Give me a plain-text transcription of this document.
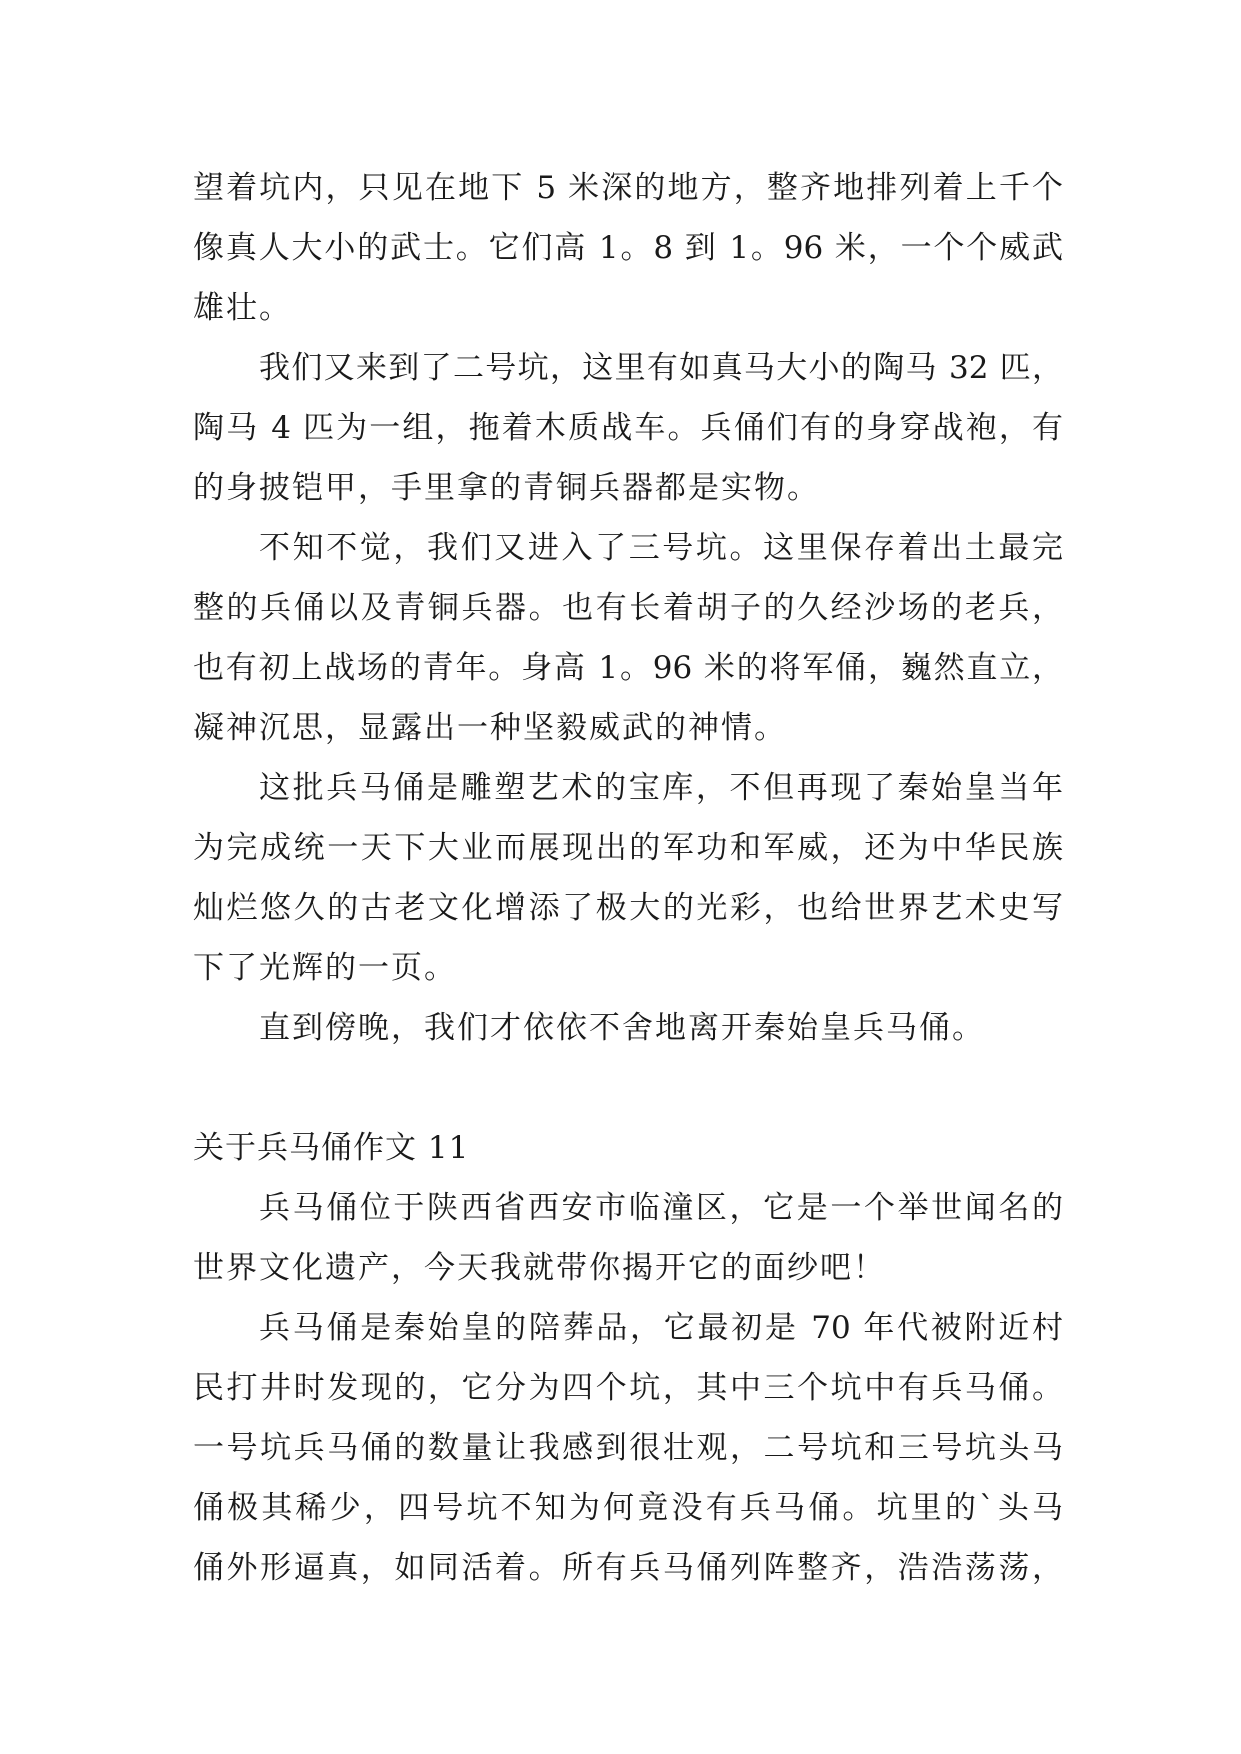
望着坑内，只见在地下 5 米深的地方，整齐地排列着上千个
像真人大小的武士。它们高 1。8 到 1。96 米，一个个威武
雄壮。
我们又来到了二号坑，这里有如真马大小的陶马 32 匹，
陶马 4 匹为一组，拖着木质战车。兵俑们有的身穿战袍，有
的身披铠甲，手里拿的青铜兵器都是实物。
不知不觉，我们又进入了三号坑。这里保存着出土最完
整的兵俑以及青铜兵器。也有长着胡子的久经沙场的老兵，
也有初上战场的青年。身高 1。96 米的将军俑，巍然直立，
凝神沉思，显露出一种坚毅威武的神情。
这批兵马俑是雕塑艺术的宝库，不但再现了秦始皇当年
为完成统一天下大业而展现出的军功和军威，还为中华民族
灿烂悠久的古老文化增添了极大的光彩，也给世界艺术史写
下了光辉的一页。
直到傍晚，我们才依依不舍地离开秦始皇兵马俑。
关于兵马俑作文 11
兵马俑位于陕西省西安市临潼区，它是一个举世闻名的
世界文化遗产，今天我就带你揭开它的面纱吧！
兵马俑是秦始皇的陪葬品，它最初是 70 年代被附近村
民打井时发现的，它分为四个坑，其中三个坑中有兵马俑。
一号坑兵马俑的数量让我感到很壮观，二号坑和三号坑头马
俑极其稀少，四号坑不知为何竟没有兵马俑。坑里的`头马
俑外形逼真，如同活着。所有兵马俑列阵整齐，浩浩荡荡，
